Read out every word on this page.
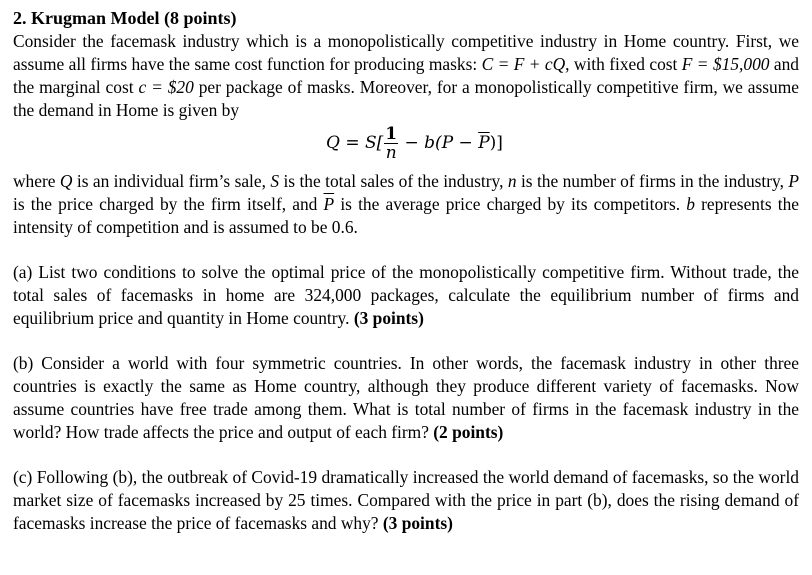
2. Krugman Model (8 points)

Consider the facemask industry which is a monopolistically competitive industry in Home country. First, we assume all firms have the same cost function for producing masks: C = F + cQ, with fixed cost F = $15,000 and the marginal cost c = $20 per package of masks. Moreover, for a monopolistically competitive firm, we assume the demand in Home is given by

$Q = S[ \frac{1}{n} - b(P - \overline{P})]$

where Q is an individual firm’s sale, S is the total sales of the industry, n is the number of firms in the industry, P is the price charged by the firm itself, and $\overline{P}$ is the average price charged by its competitors. b represents the intensity of competition and is assumed to be 0.6.

(a) List two conditions to solve the optimal price of the monopolistically competitive firm. Without trade, the total sales of facemasks in home are 324,000 packages, calculate the equilibrium number of firms and equilibrium price and quantity in Home country. (3 points)

(b) Consider a world with four symmetric countries. In other words, the facemask industry in other three countries is exactly the same as Home country, although they produce different variety of facemasks. Now assume countries have free trade among them. What is total number of firms in the facemask industry in the world? How trade affects the price and output of each firm? (2 points)

(c) Following (b), the outbreak of Covid-19 dramatically increased the world demand of facemasks, so the world market size of facemasks increased by 25 times. Compared with the price in part (b), does the rising demand of facemasks increase the price of facemasks and why? (3 points)
